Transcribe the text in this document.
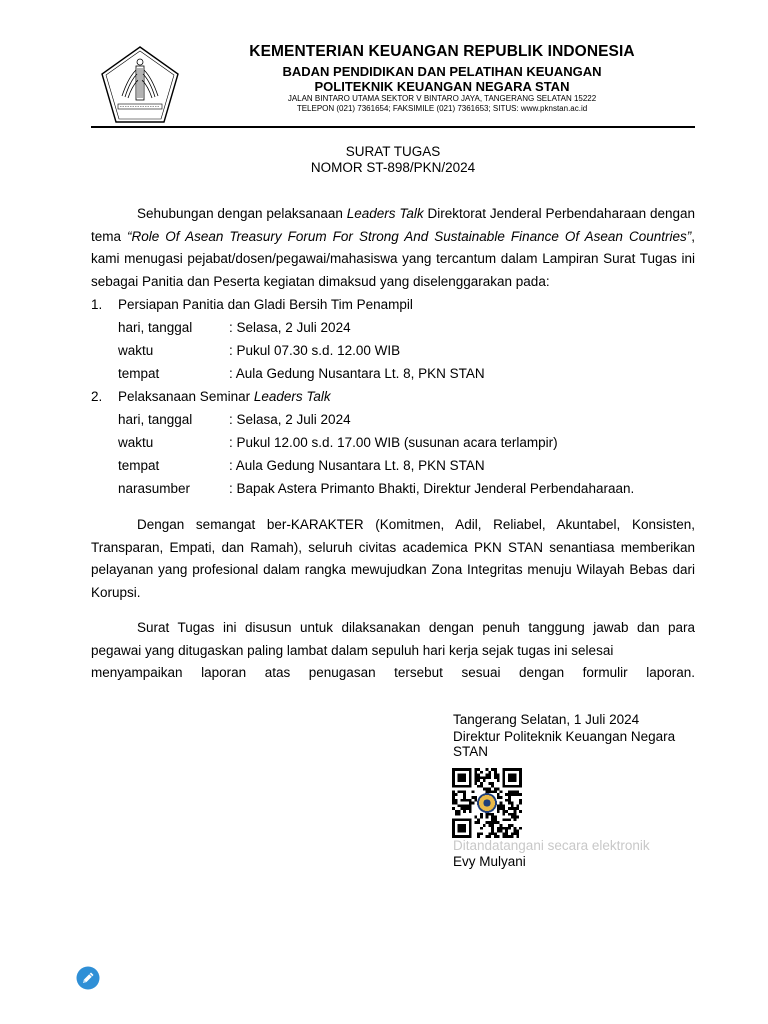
KEMENTERIAN KEUANGAN REPUBLIK INDONESIA
BADAN PENDIDIKAN DAN PELATIHAN KEUANGAN
POLITEKNIK KEUANGAN NEGARA STAN
JALAN BINTARO UTAMA SEKTOR V BINTARO JAYA, TANGERANG SELATAN 15222
TELEPON (021) 7361654; FAKSIMILE (021) 7361653; SITUS: www.pknstan.ac.id
SURAT TUGAS
NOMOR ST-898/PKN/2024
Sehubungan dengan pelaksanaan Leaders Talk Direktorat Jenderal Perbendaharaan dengan tema “Role Of Asean Treasury Forum For Strong And Sustainable Finance Of Asean Countries”, kami menugasi pejabat/dosen/pegawai/mahasiswa yang tercantum dalam Lampiran Surat Tugas ini sebagai Panitia dan Peserta kegiatan dimaksud yang diselenggarakan pada:
1. Persiapan Panitia dan Gladi Bersih Tim Penampil
hari, tanggal	: Selasa, 2 Juli 2024
waktu	: Pukul 07.30 s.d. 12.00 WIB
tempat	: Aula Gedung Nusantara Lt. 8, PKN STAN
2. Pelaksanaan Seminar Leaders Talk
hari, tanggal	: Selasa, 2 Juli 2024
waktu	: Pukul 12.00 s.d. 17.00 WIB (susunan acara terlampir)
tempat	: Aula Gedung Nusantara Lt. 8, PKN STAN
narasumber	: Bapak Astera Primanto Bhakti, Direktur Jenderal Perbendaharaan.
Dengan semangat ber-KARAKTER (Komitmen, Adil, Reliabel, Akuntabel, Konsisten, Transparan, Empati, dan Ramah), seluruh civitas academica PKN STAN senantiasa memberikan pelayanan yang profesional dalam rangka mewujudkan Zona Integritas menuju Wilayah Bebas dari Korupsi.
Surat Tugas ini disusun untuk dilaksanakan dengan penuh tanggung jawab dan para pegawai yang ditugaskan paling lambat dalam sepuluh hari kerja sejak tugas ini selesai
menyampaikan laporan atas penugasan tersebut sesuai dengan formulir laporan.
Tangerang Selatan, 1 Juli 2024
Direktur Politeknik Keuangan Negara
STAN
Ditandatangani secara elektronik
Evy Mulyani
